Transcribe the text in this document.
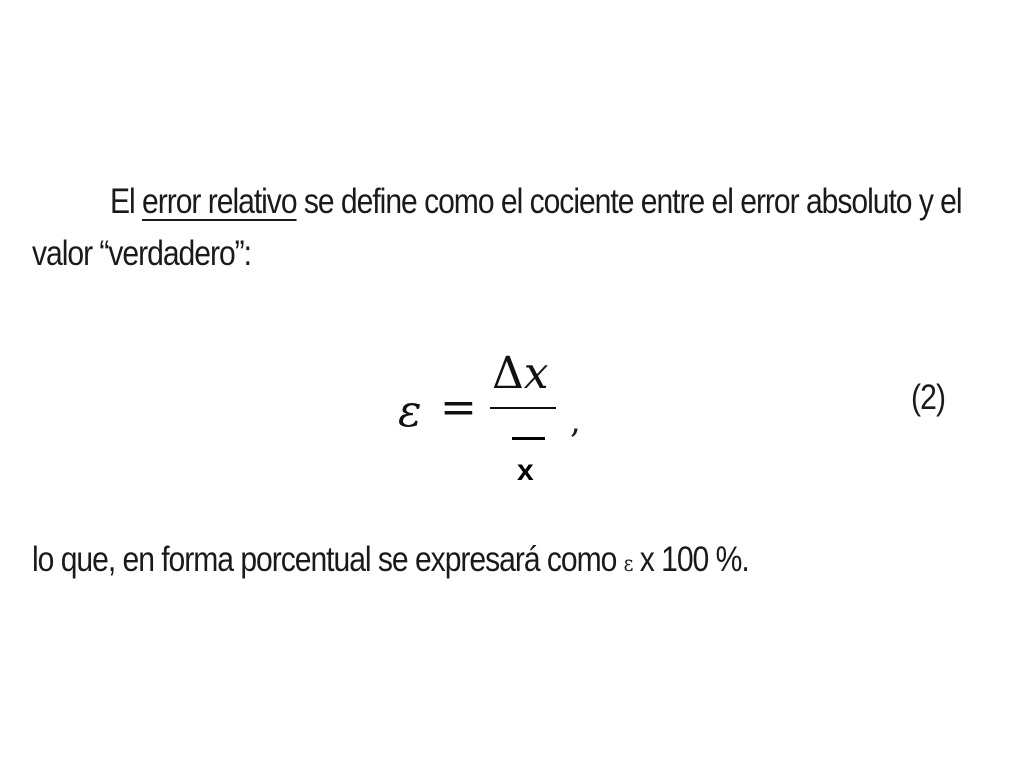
El error relativo se define como el cociente entre el error absoluto y el
valor “verdadero”:
ε =
Δx
x
,
(2)
lo que, en forma porcentual se expresará como ε x 100 %.
